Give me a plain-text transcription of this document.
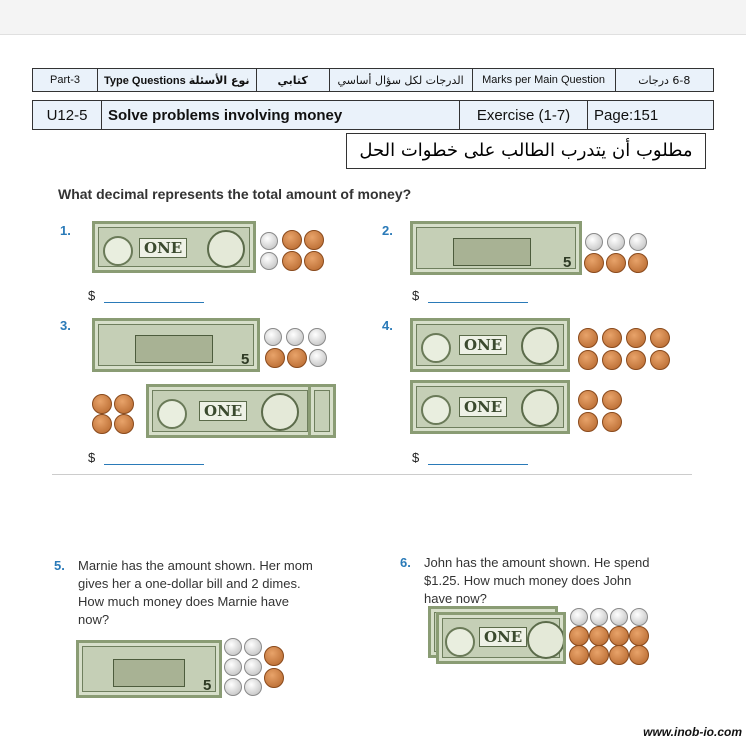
Part-3	Type Questions نوع الأسئلة	كتابي	الدرجات لكل سؤال أساسي	Marks per Main Question	6-8 درجات
U12-5	Solve problems involving money	Exercise (1-7)	Page:151
مطلوب أن يتدرب الطالب على خطوات الحل
What decimal represents the total amount of money?
1.
ONE
$
2.
5
$
3.
5
ONE
$
4.
ONE
ONE
$
5. Marnie has the amount shown. Her mom gives her a one-dollar bill and 2 dimes. How much money does Marnie have now?
5
6. John has the amount shown. He spend $1.25. How much money does John have now?
ONE
www.inob-io.com
